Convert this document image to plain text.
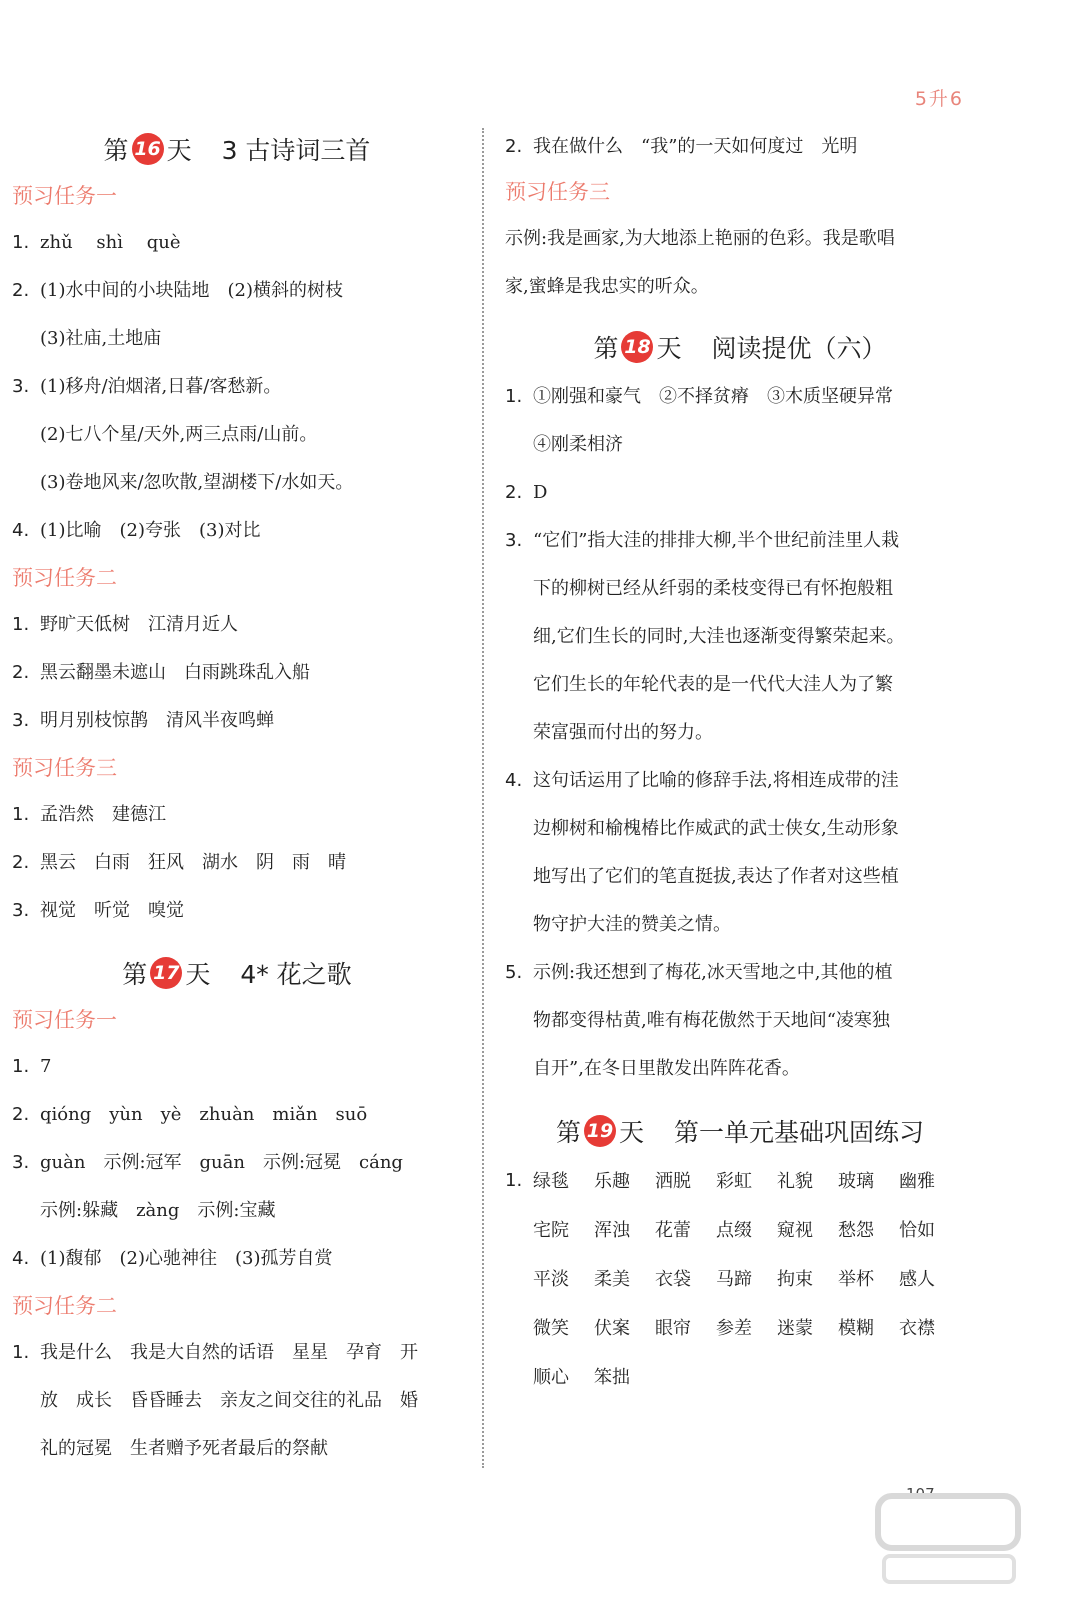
5升6
第 16 天 3 古诗词三首
预习任务一
1. zhǔ　 shì　 què
2. (1)水中间的小块陆地　(2)横斜的树枝
(3)社庙,土地庙
3. (1)移舟/泊烟渚,日暮/客愁新。
(2)七八个星/天外,两三点雨/山前。
(3)卷地风来/忽吹散,望湖楼下/水如天。
4. (1)比喻　(2)夸张　(3)对比
预习任务二
1. 野旷天低树　江清月近人
2. 黑云翻墨未遮山　白雨跳珠乱入船
3. 明月别枝惊鹊　清风半夜鸣蝉
预习任务三
1. 孟浩然　建德江
2. 黑云　白雨　狂风　湖水　阴　雨　晴
3. 视觉　听觉　嗅觉
第 17 天 4* 花之歌
预习任务一
1. 7
2. qióng　yùn　yè　zhuàn　miǎn　suō
3. guàn　示例:冠军　guān　示例:冠冕　cáng
示例:躲藏　zàng　示例:宝藏
4. (1)馥郁　(2)心驰神往　(3)孤芳自赏
预习任务二
1. 我是什么　我是大自然的话语　星星　孕育　开
放　成长　昏昏睡去　亲友之间交往的礼品　婚
礼的冠冕　生者赠予死者最后的祭献
2. 我在做什么　“我”的一天如何度过　光明
预习任务三

示例:我是画家,为大地添上艳丽的色彩。我是歌唱

家,蜜蜂是我忠实的听众。

第 18 天 阅读提优（六）
1. ①刚强和豪气　②不择贫瘠　③木质坚硬异常
④刚柔相济
2. D
3. “它们”指大洼的排排大柳,半个世纪前洼里人栽
下的柳树已经从纤弱的柔枝变得已有怀抱般粗
细,它们生长的同时,大洼也逐渐变得繁荣起来。
它们生长的年轮代表的是一代代大洼人为了繁
荣富强而付出的努力。
4. 这句话运用了比喻的修辞手法,将相连成带的洼
边柳树和榆槐椿比作威武的武士侠女,生动形象
地写出了它们的笔直挺拔,表达了作者对这些植
物守护大洼的赞美之情。
5. 示例:我还想到了梅花,冰天雪地之中,其他的植
物都变得枯黄,唯有梅花傲然于天地间“凌寒独
自开”,在冬日里散发出阵阵花香。
第 19 天 第一单元基础巩固练习
1. 绿毯	乐趣	洒脱	彩虹	礼貌	玻璃	幽雅
宅院	浑浊	花蕾	点缀	窥视	愁怨	恰如
平淡	柔美	衣袋	马蹄	拘束	举杯	感人
微笑	伏案	眼帘	参差	迷蒙	模糊	衣襟
顺心	笨拙
107
